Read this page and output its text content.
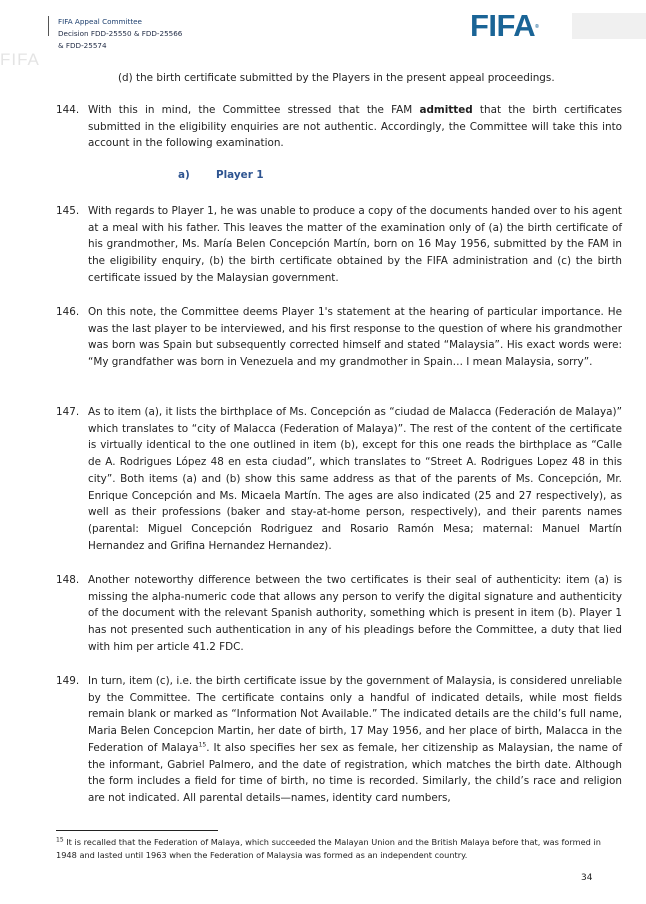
FIFA Appeal Committee
Decision FDD-25550 & FDD-25566
& FDD-25574
FIFA®
FIFA
(d) the birth certificate submitted by the Players in the present appeal proceedings.
144. With this in mind, the Committee stressed that the FAM admitted that the birth certificates submitted in the eligibility enquiries are not authentic. Accordingly, the Committee will take this into account in the following examination.
a)	Player 1
145. With regards to Player 1, he was unable to produce a copy of the documents handed over to his agent at a meal with his father. This leaves the matter of the examination only of (a) the birth certificate of his grandmother, Ms. María Belen Concepción Martín, born on 16 May 1956, submitted by the FAM in the eligibility enquiry, (b) the birth certificate obtained by the FIFA administration and (c) the birth certificate issued by the Malaysian government.
146. On this note, the Committee deems Player 1's statement at the hearing of particular importance. He was the last player to be interviewed, and his first response to the question of where his grandmother was born was Spain but subsequently corrected himself and stated “Malaysia”. His exact words were: “My grandfather was born in Venezuela and my grandmother in Spain… I mean Malaysia, sorry”.
147. As to item (a), it lists the birthplace of Ms. Concepción as “ciudad de Malacca (Federación de Malaya)” which translates to “city of Malacca (Federation of Malaya)”. The rest of the content of the certificate is virtually identical to the one outlined in item (b), except for this one reads the birthplace as “Calle de A. Rodrigues López 48 en esta ciudad”, which translates to “Street A. Rodrigues Lopez 48 in this city”. Both items (a) and (b) show this same address as that of the parents of Ms. Concepción, Mr. Enrique Concepción and Ms. Micaela Martín. The ages are also indicated (25 and 27 respectively), as well as their professions (baker and stay-at-home person, respectively), and their parents names (parental: Miguel Concepción Rodriguez and Rosario Ramón Mesa; maternal: Manuel Martín Hernandez and Grifina Hernandez Hernandez).
148. Another noteworthy difference between the two certificates is their seal of authenticity: item (a) is missing the alpha-numeric code that allows any person to verify the digital signature and authenticity of the document with the relevant Spanish authority, something which is present in item (b). Player 1 has not presented such authentication in any of his pleadings before the Committee, a duty that lied with him per article 41.2 FDC.
149. In turn, item (c), i.e. the birth certificate issue by the government of Malaysia, is considered unreliable by the Committee. The certificate contains only a handful of indicated details, while most fields remain blank or marked as “Information Not Available.” The indicated details are the child’s full name, Maria Belen Concepcion Martin, her date of birth, 17 May 1956, and her place of birth, Malacca in the Federation of Malaya$^{15}$. It also specifies her sex as female, her citizenship as Malaysian, the name of the informant, Gabriel Palmero, and the date of registration, which matches the birth date. Although the form includes a field for time of birth, no time is recorded. Similarly, the child’s race and religion are not indicated. All parental details—names, identity card numbers,
$^{15}$ It is recalled that the Federation of Malaya, which succeeded the Malayan Union and the British Malaya before that, was formed in 1948 and lasted until 1963 when the Federation of Malaysia was formed as an independent country.
34
